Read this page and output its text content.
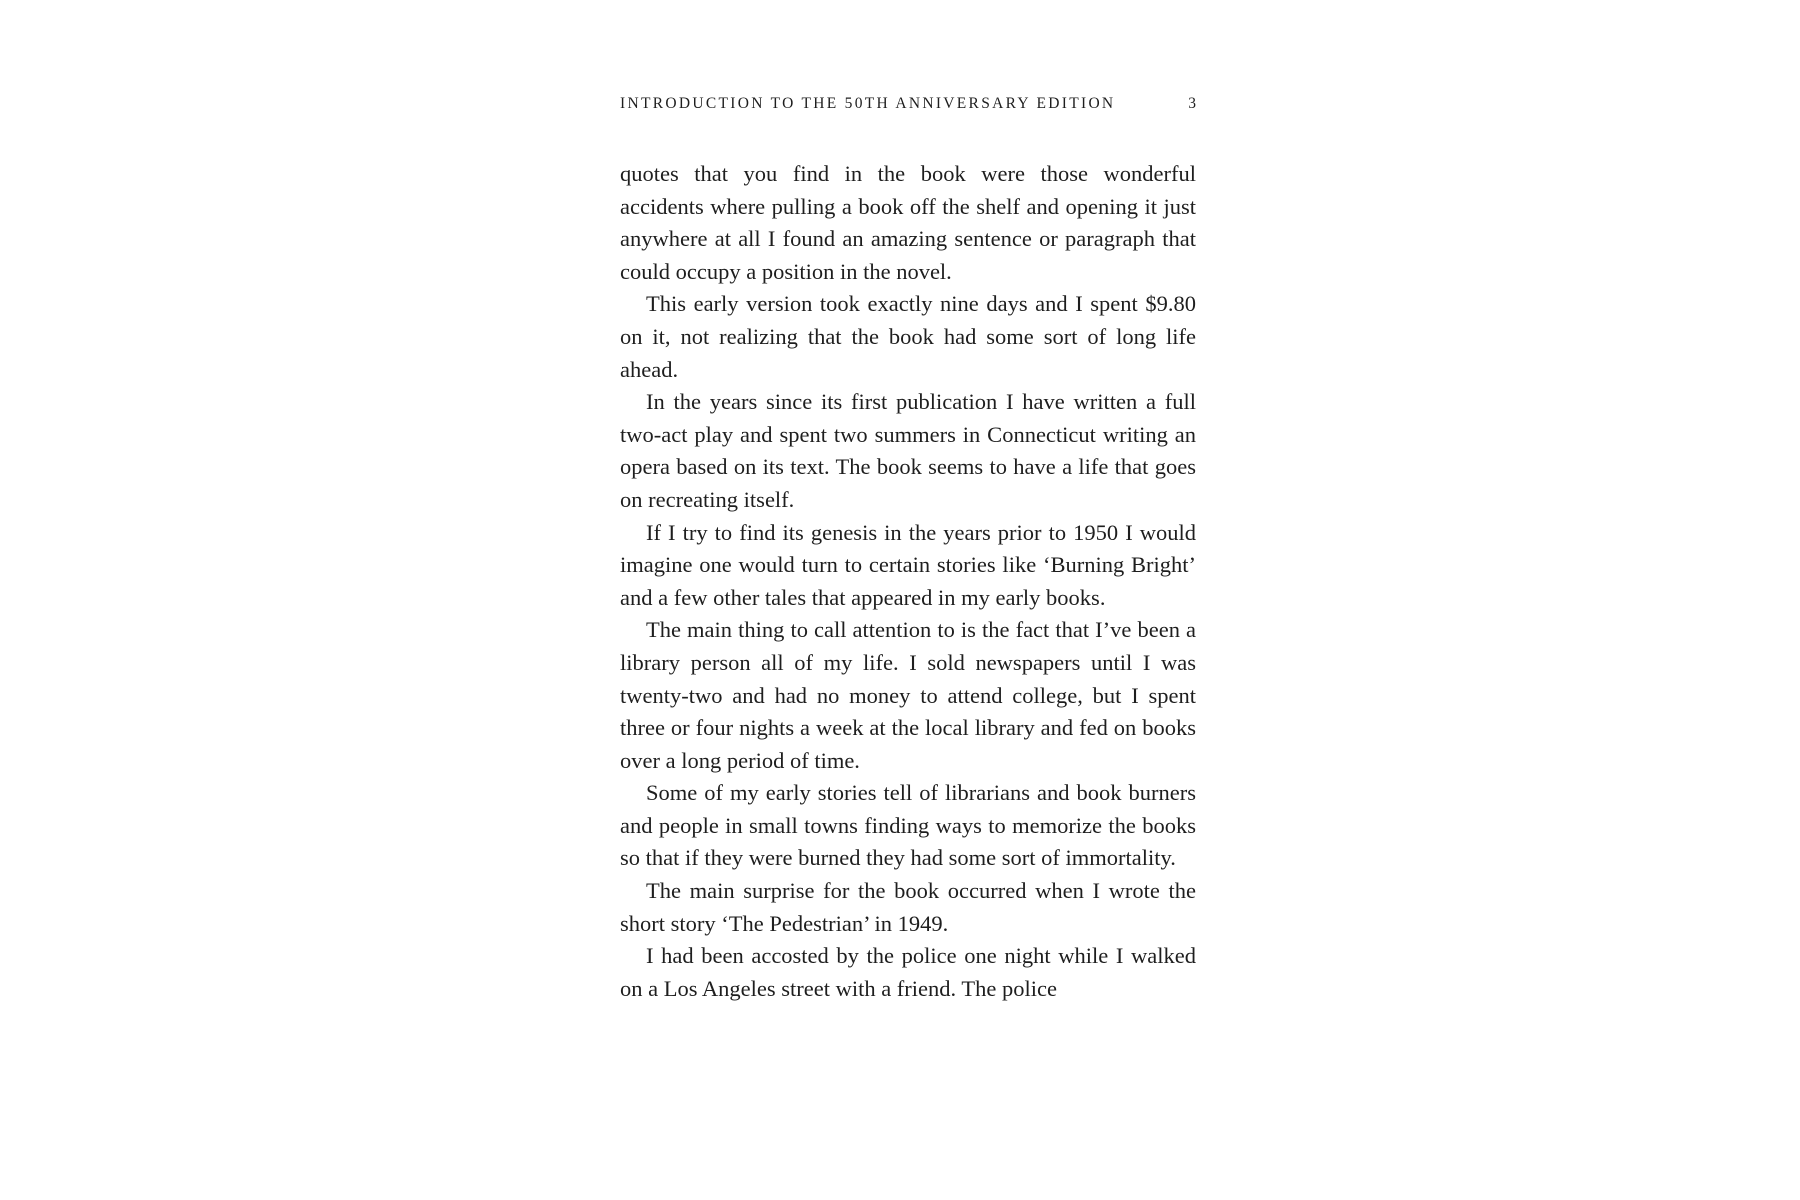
INTRODUCTION TO THE 50TH ANNIVERSARY EDITION	3

quotes that you find in the book were those wonderful accidents where pulling a book off the shelf and opening it just anywhere at all I found an amazing sentence or paragraph that could occupy a position in the novel.

This early version took exactly nine days and I spent $9.80 on it, not realizing that the book had some sort of long life ahead.

In the years since its first publication I have written a full two-act play and spent two summers in Connecticut writing an opera based on its text. The book seems to have a life that goes on recreating itself.

If I try to find its genesis in the years prior to 1950 I would imagine one would turn to certain stories like ‘Burning Bright’ and a few other tales that appeared in my early books.

The main thing to call attention to is the fact that I’ve been a library person all of my life. I sold newspapers until I was twenty-two and had no money to attend college, but I spent three or four nights a week at the local library and fed on books over a long period of time.

Some of my early stories tell of librarians and book burners and people in small towns finding ways to memorize the books so that if they were burned they had some sort of immortality.

The main surprise for the book occurred when I wrote the short story ‘The Pedestrian’ in 1949.

I had been accosted by the police one night while I walked on a Los Angeles street with a friend. The police
